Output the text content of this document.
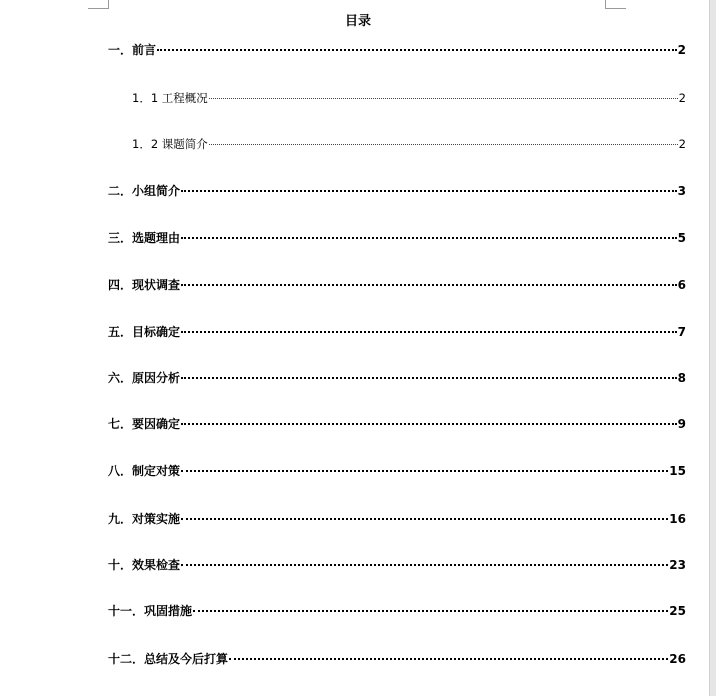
目录
一．前言	2
1．1 工程概况	2
1．2 课题简介	2
二．小组简介	3
三．选题理由	5
四．现状调查	6
五．目标确定	7
六．原因分析	8
七．要因确定	9
八．制定对策	15
九．对策实施	16
十．效果检查	23
十一．巩固措施	25
十二．总结及今后打算	26
